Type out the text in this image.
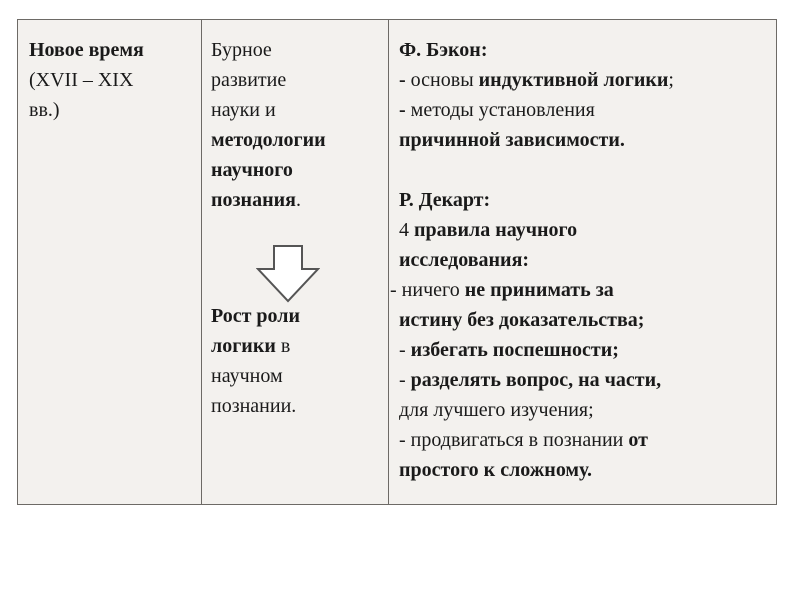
Новое время
(XVII – XIX
вв.)
Бурное
развитие
науки и
методологии
научного
познания.
Рост роли
логики в
научном
познании.
Ф. Бэкон:
- основы индуктивной логики;
- методы установления
причинной зависимости.
Р. Декарт:
4 правила научного
исследования:
- ничего не принимать за
истину без доказательства;
- избегать поспешности;
- разделять вопрос, на части,
для лучшего изучения;
- продвигаться в познании от
простого к сложному.
